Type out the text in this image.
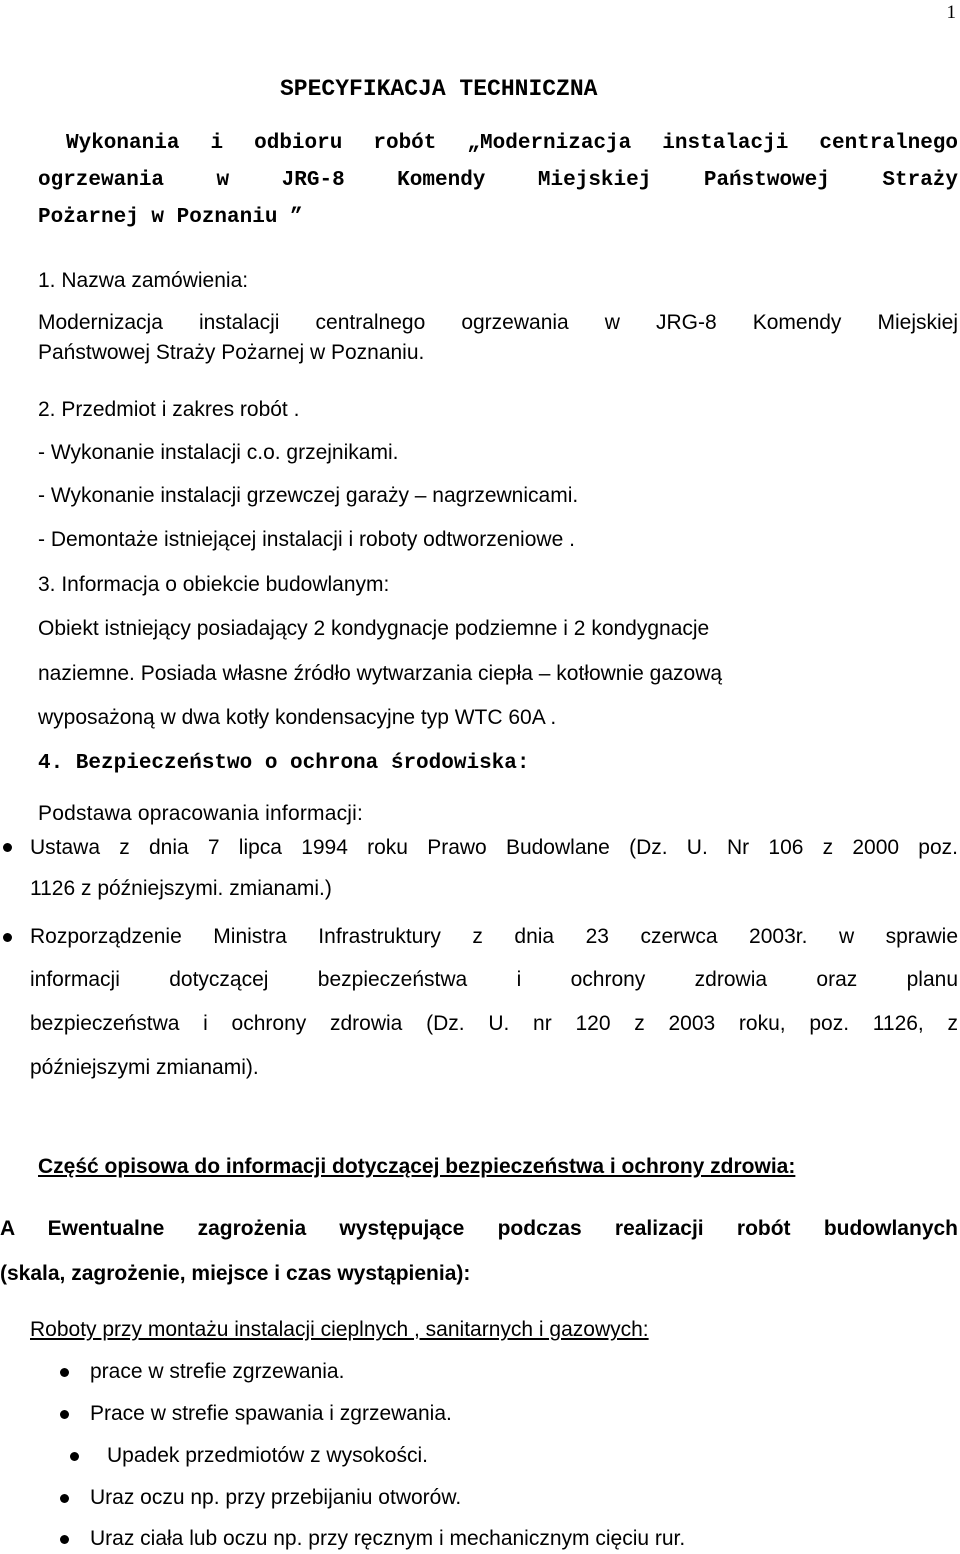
1
SPECYFIKACJA TECHNICZNA
Wykonania i odbioru robót „Modernizacja instalacji centralnego
ogrzewania w JRG-8 Komendy Miejskiej Państwowej Straży
Pożarnej w Poznaniu ”
1. Nazwa zamówienia:
Modernizacja instalacji centralnego ogrzewania w JRG-8 Komendy Miejskiej
Państwowej Straży Pożarnej w Poznaniu.
2. Przedmiot i zakres robót .
- Wykonanie instalacji c.o. grzejnikami.
- Wykonanie instalacji grzewczej garaży – nagrzewnicami.
- Demontaże istniejącej instalacji i roboty odtworzeniowe .
3. Informacja o obiekcie budowlanym:
Obiekt istniejący posiadający 2 kondygnacje podziemne i 2 kondygnacje
naziemne. Posiada własne źródło wytwarzania ciepła – kotłownie gazową
wyposażoną w dwa kotły kondensacyjne typ WTC 60A .
4. Bezpieczeństwo o ochrona środowiska:
Podstawa opracowania informacji:
Ustawa z dnia 7 lipca 1994 roku Prawo Budowlane (Dz. U. Nr 106 z 2000 poz.
1126 z późniejszymi. zmianami.)
Rozporządzenie Ministra Infrastruktury z dnia 23 czerwca 2003r. w sprawie
informacji dotyczącej bezpieczeństwa i ochrony zdrowia oraz planu
bezpieczeństwa i ochrony zdrowia (Dz. U. nr 120 z 2003 roku, poz. 1126, z
późniejszymi zmianami).
Część opisowa do informacji dotyczącej bezpieczeństwa i ochrony zdrowia:
A Ewentualne zagrożenia występujące podczas realizacji robót budowlanych
(skala, zagrożenie, miejsce i czas wystąpienia):
Roboty przy montażu instalacji cieplnych , sanitarnych i gazowych:
prace w strefie zgrzewania.
Prace w strefie spawania i zgrzewania.
Upadek przedmiotów z wysokości.
Uraz oczu np. przy przebijaniu otworów.
Uraz ciała lub oczu np. przy ręcznym i mechanicznym cięciu rur.
